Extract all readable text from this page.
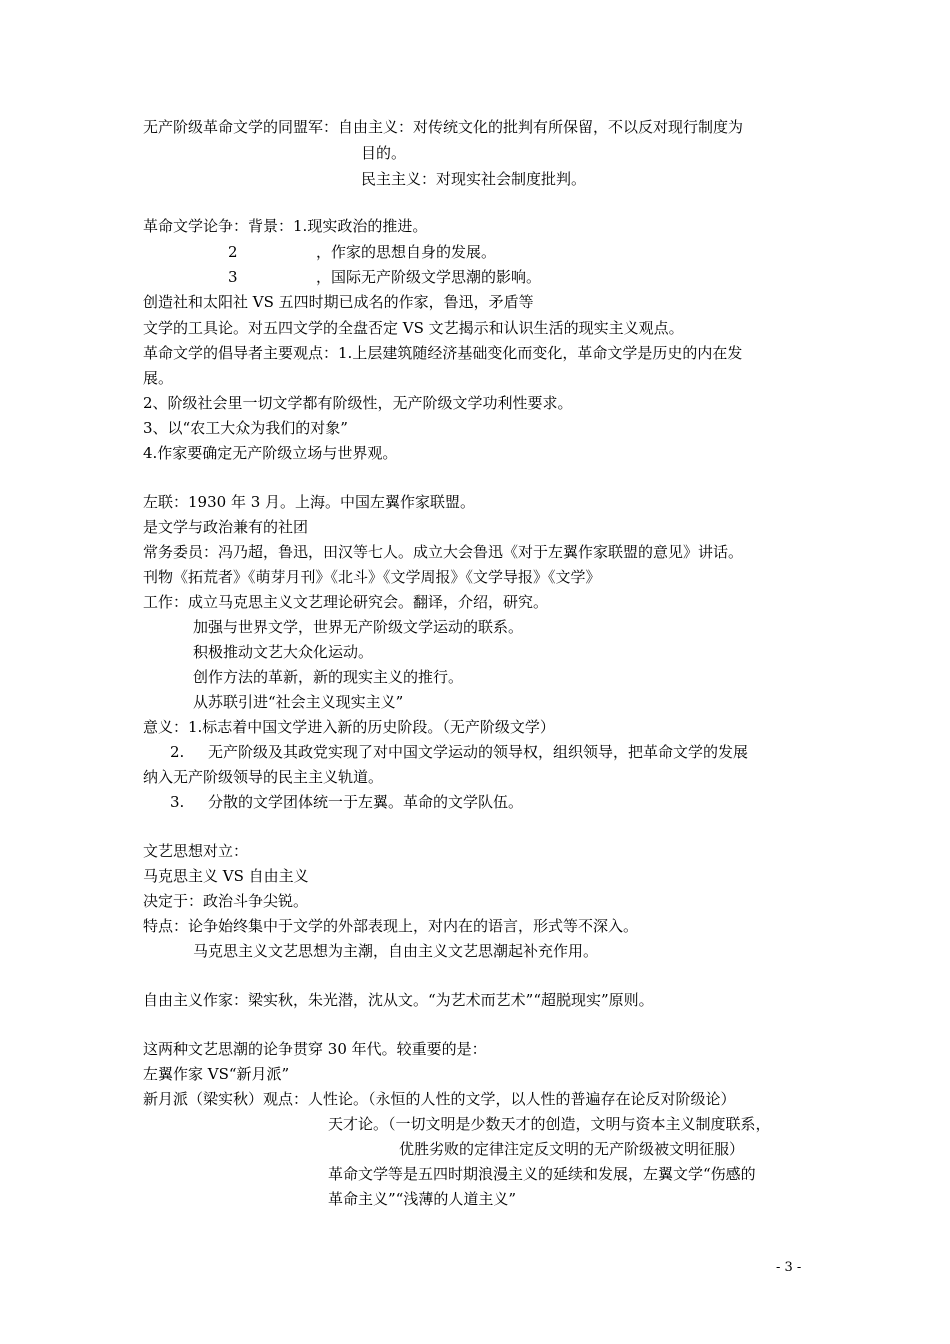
无产阶级革命文学的同盟军：自由主义：对传统文化的批判有所保留，不以反对现行制度为
目的。
民主主义：对现实社会制度批判。
革命文学论争：背景：1.现实政治的推进。
2	，作家的思想自身的发展。
3	，国际无产阶级文学思潮的影响。
创造社和太阳社 VS 五四时期已成名的作家，鲁迅，矛盾等
文学的工具论。对五四文学的全盘否定 VS 文艺揭示和认识生活的现实主义观点。
革命文学的倡导者主要观点：1.上层建筑随经济基础变化而变化，革命文学是历史的内在发
展。
2、阶级社会里一切文学都有阶级性，无产阶级文学功利性要求。
3、以“农工大众为我们的对象”
4.作家要确定无产阶级立场与世界观。
左联：1930 年 3 月。上海。中国左翼作家联盟。
是文学与政治兼有的社团
常务委员：冯乃超，鲁迅，田汉等七人。成立大会鲁迅《对于左翼作家联盟的意见》讲话。
刊物《拓荒者》《萌芽月刊》《北斗》《文学周报》《文学导报》《文学》
工作：成立马克思主义文艺理论研究会。翻译，介绍，研究。
加强与世界文学，世界无产阶级文学运动的联系。
积极推动文艺大众化运动。
创作方法的革新，新的现实主义的推行。
从苏联引进“社会主义现实主义”
意义：1.标志着中国文学进入新的历史阶段。（无产阶级文学）
2. 无产阶级及其政党实现了对中国文学运动的领导权，组织领导，把革命文学的发展
纳入无产阶级领导的民主主义轨道。
3. 分散的文学团体统一于左翼。革命的文学队伍。
文艺思想对立：
马克思主义 VS 自由主义
决定于：政治斗争尖锐。
特点：论争始终集中于文学的外部表现上，对内在的语言，形式等不深入。
马克思主义文艺思想为主潮，自由主义文艺思潮起补充作用。
自由主义作家：梁实秋，朱光潜，沈从文。“为艺术而艺术”“超脱现实”原则。
这两种文艺思潮的论争贯穿 30 年代。较重要的是：
左翼作家 VS“新月派”
新月派（梁实秋）观点：人性论。（永恒的人性的文学，以人性的普遍存在论反对阶级论）
天才论。（一切文明是少数天才的创造，文明与资本主义制度联系，
优胜劣败的定律注定反文明的无产阶级被文明征服）
革命文学等是五四时期浪漫主义的延续和发展，左翼文学“伤感的
革命主义”“浅薄的人道主义”
- 3 -
